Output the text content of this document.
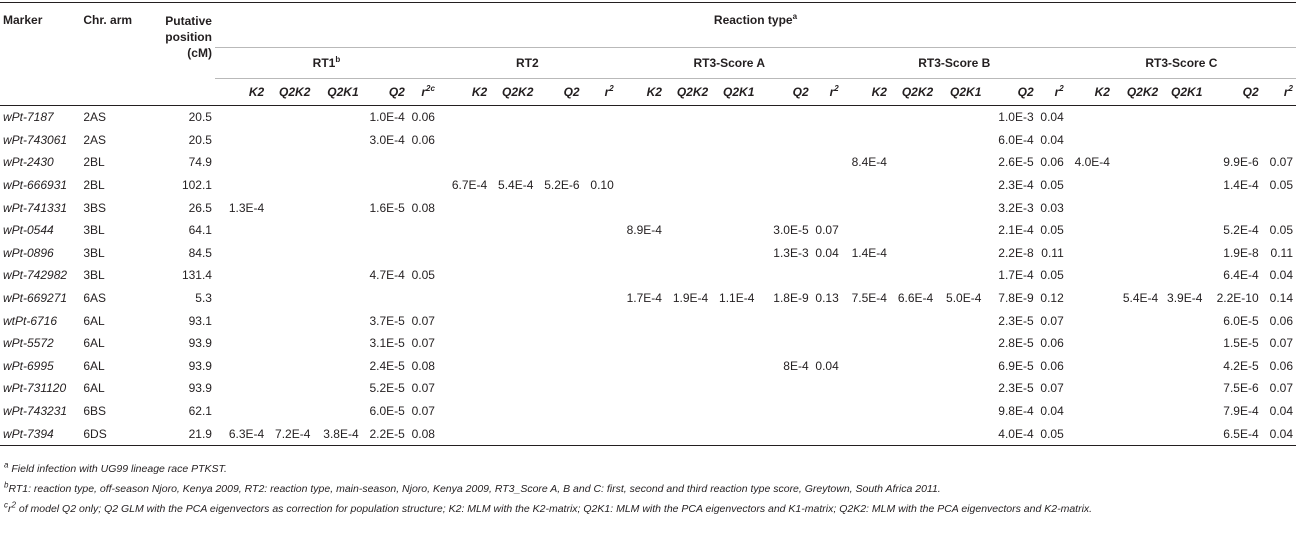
Marker	Chr. arm	Putative
position
(cM)	Reaction type$^a$
			RT1$^b$					RT2				RT3-Score A					RT3-Score B					RT3-Score C				
			K2	Q2K2	Q2K1	Q2	$r^{2c}$	K2	Q2K2	Q2	$r^2$	K2	Q2K2	Q2K1	Q2	$r^2$	K2	Q2K2	Q2K1	Q2	$r^2$	K2	Q2K2	Q2K1	Q2	$r^2$
wPt-7187	2AS	20.5				1.0E-4	0.06													1.0E-3	0.04					
wPt-743061	2AS	20.5				3.0E-4	0.06													6.0E-4	0.04					
wPt-2430	2BL	74.9															8.4E-4			2.6E-5	0.06	4.0E-4			9.9E-6	0.07
wPt-666931	2BL	102.1						6.7E-4	5.4E-4	5.2E-6	0.10									2.3E-4	0.05				1.4E-4	0.05
wPt-741331	3BS	26.5	1.3E-4			1.6E-5	0.08													3.2E-3	0.03					
wPt-0544	3BL	64.1										8.9E-4			3.0E-5	0.07				2.1E-4	0.05				5.2E-4	0.05
wPt-0896	3BL	84.5													1.3E-3	0.04	1.4E-4			2.2E-8	0.11				1.9E-8	0.11
wPt-742982	3BL	131.4				4.7E-4	0.05													1.7E-4	0.05				6.4E-4	0.04
wPt-669271	6AS	5.3										1.7E-4	1.9E-4	1.1E-4	1.8E-9	0.13	7.5E-4	6.6E-4	5.0E-4	7.8E-9	0.12		5.4E-4	3.9E-4	2.2E-10	0.14
wtPt-6716	6AL	93.1				3.7E-5	0.07													2.3E-5	0.07				6.0E-5	0.06
wPt-5572	6AL	93.9				3.1E-5	0.07													2.8E-5	0.06				1.5E-5	0.07
wPt-6995	6AL	93.9				2.4E-5	0.08								8E-4	0.04				6.9E-5	0.06				4.2E-5	0.06
wPt-731120	6AL	93.9				5.2E-5	0.07													2.3E-5	0.07				7.5E-6	0.07
wPt-743231	6BS	62.1				6.0E-5	0.07													9.8E-4	0.04				7.9E-4	0.04
wPt-7394	6DS	21.9	6.3E-4	7.2E-4	3.8E-4	2.2E-5	0.08													4.0E-4	0.05				6.5E-4	0.04

$^a$ Field infection with UG99 lineage race PTKST.

$^b$RT1: reaction type, off-season Njoro, Kenya 2009, RT2: reaction type, main-season, Njoro, Kenya 2009, RT3_Score A, B and C: first, second and third reaction type score, Greytown, South Africa 2011.

$^cr^2$ of model Q2 only; Q2 GLM with the PCA eigenvectors as correction for population structure; K2: MLM with the K2-matrix; Q2K1: MLM with the PCA eigenvectors and K1-matrix; Q2K2: MLM with the PCA eigenvectors and K2-matrix.
